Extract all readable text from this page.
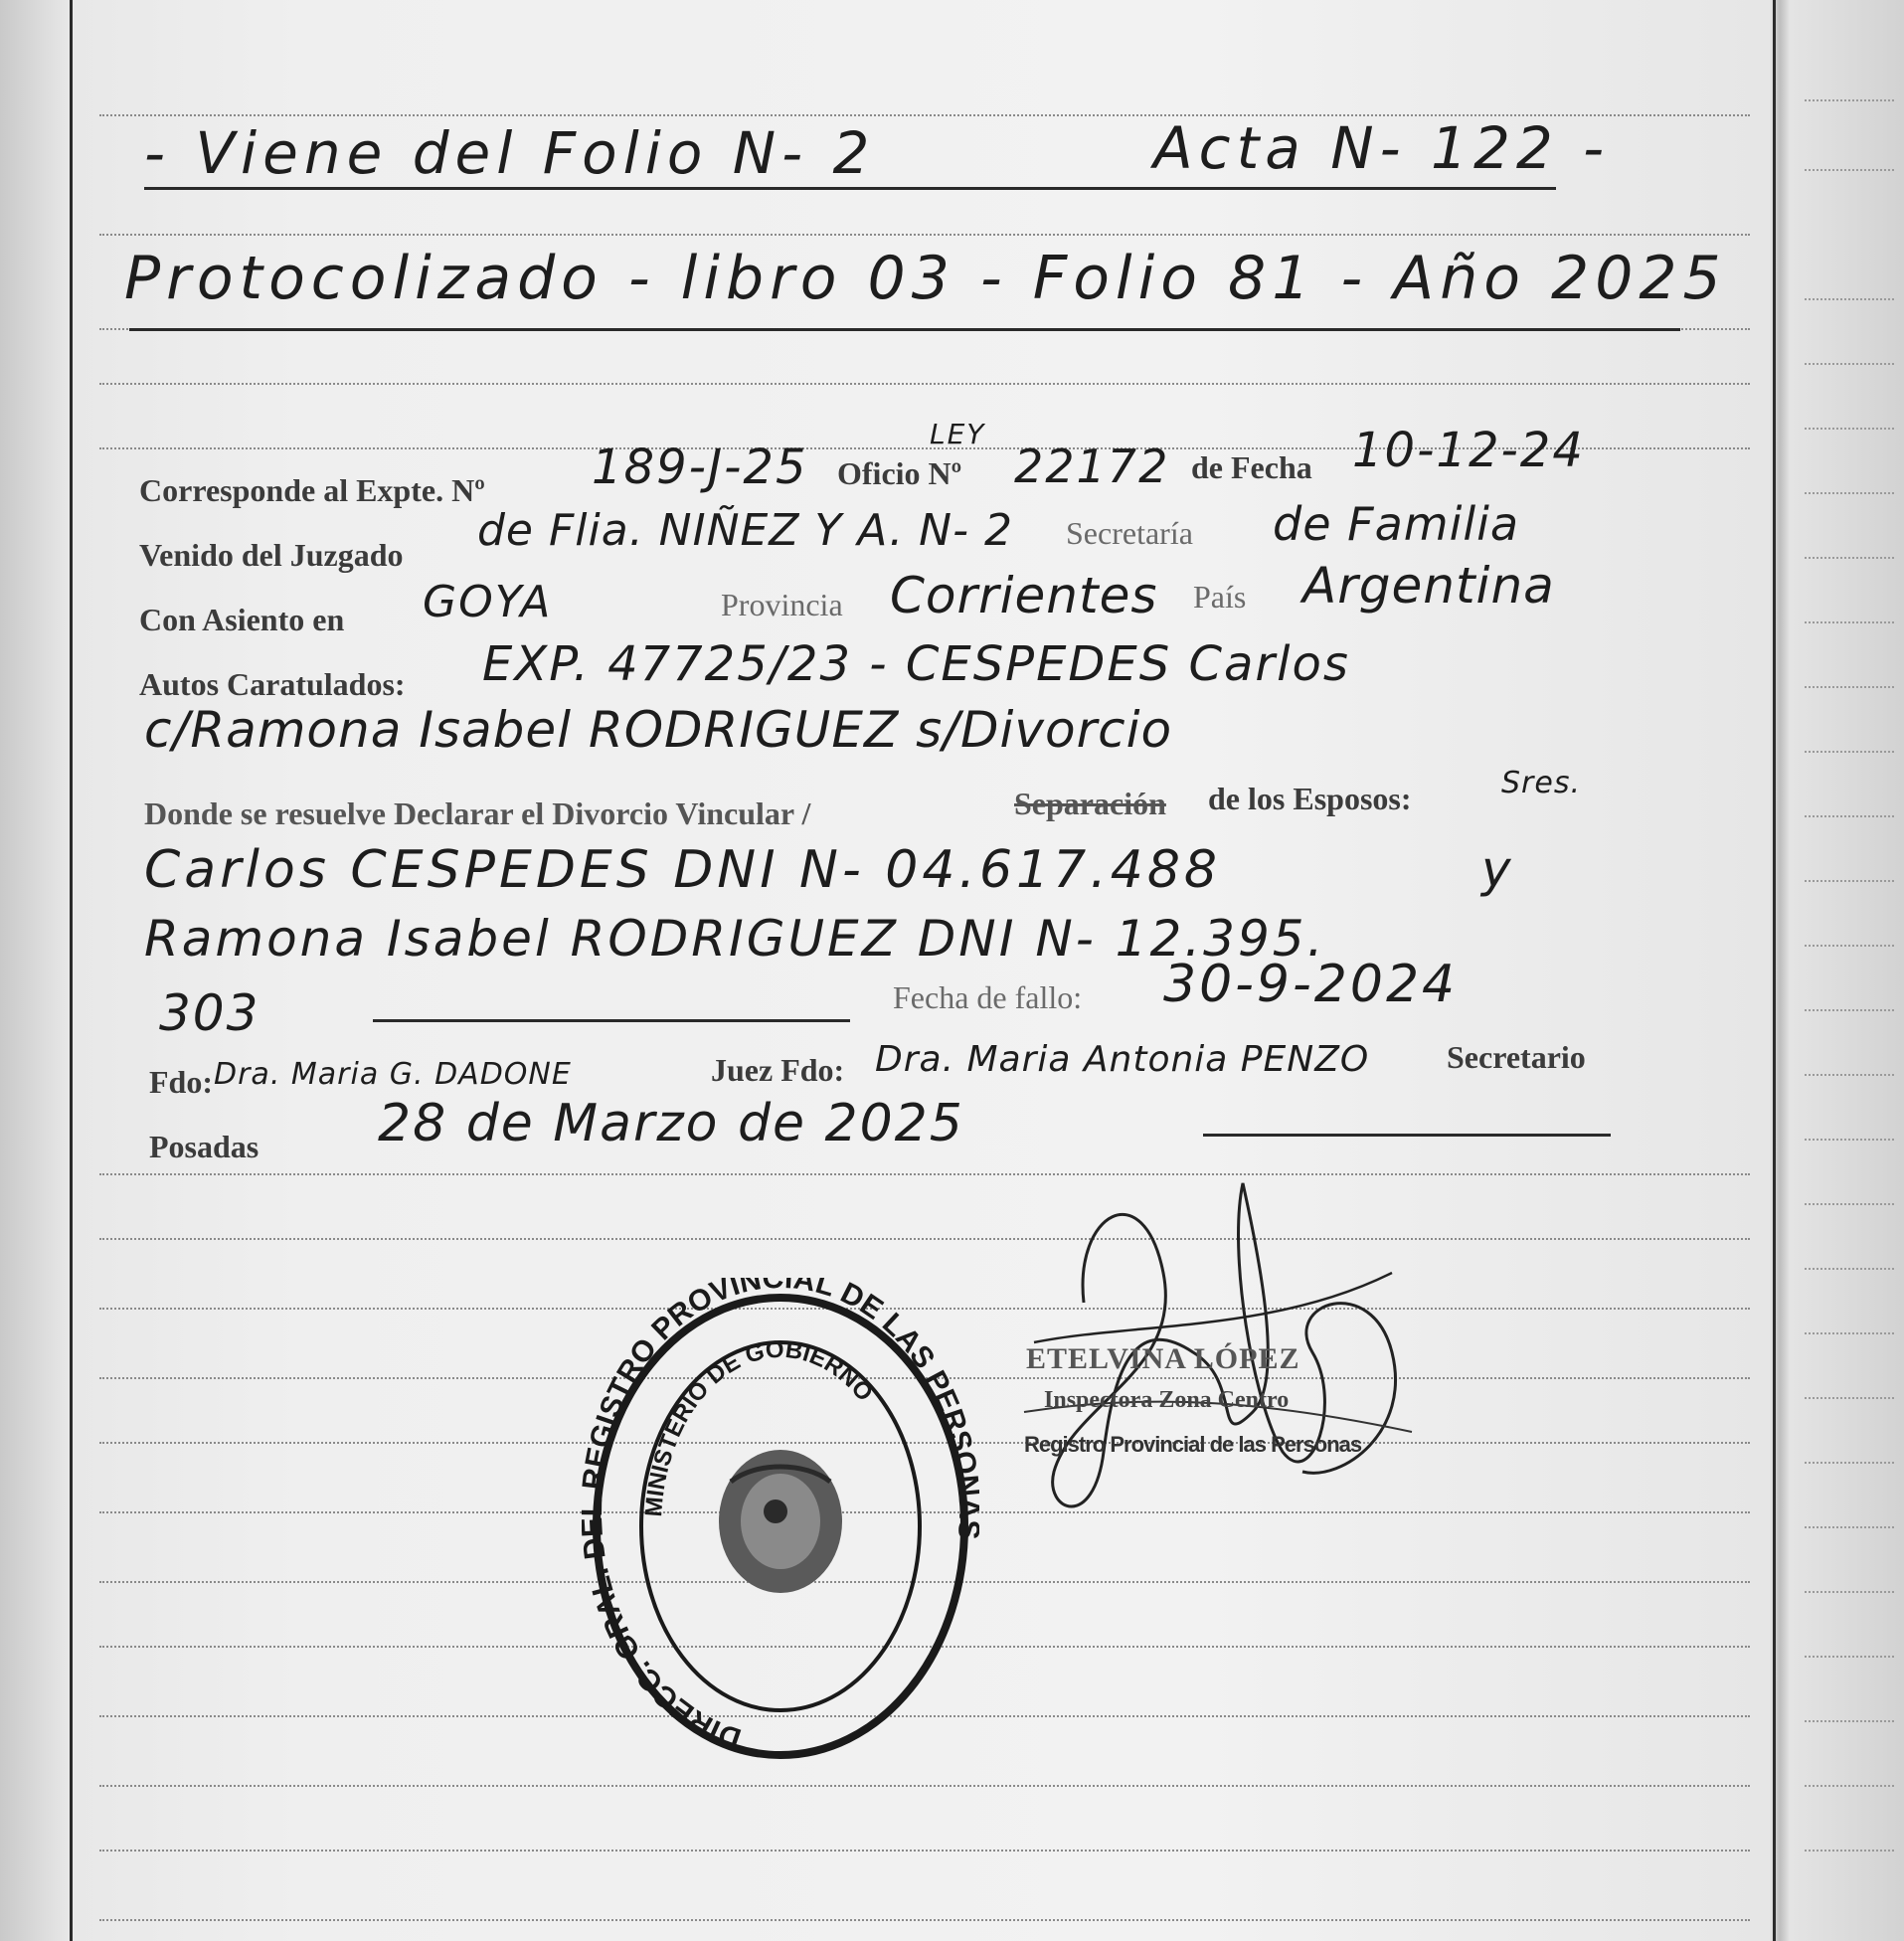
- Viene del Folio N- 2	Acta N- 122 -
Protocolizado - libro 03 - Folio 81 - Año 2025
Corresponde al Expte. Nº 189-J-25 Oficio Nº
LEY
22172 de Fecha 10-12-24
Venido del Juzgado de Flia. NIÑEZ Y A. N- 2 Secretaría de Familia
Con Asiento en GOYA	Provincia Corrientes País Argentina
Autos Caratulados: EXP. 47725/23 - CESPEDES Carlos
c/Ramona Isabel RODRIGUEZ s/Divorcio
Donde se resuelve Declarar el Divorcio Vincular /	Separación de los Esposos:	Sres.
Carlos CESPEDES DNI N- 04.617.488	y
Ramona Isabel RODRIGUEZ DNI N- 12.395.
303	Fecha de fallo: 30-9-2024
Fdo: Dra. Maria G. DADONE	Juez Fdo: Dra. Maria Antonia PENZO Secretario
Posadas 28 de Marzo de 2025
ETELVINA LÓPEZ
Inspectora Zona Centro
Registro Provincial de las Personas
DIRECC. GRAL. EGISTRO PROVINCIAL DE LAS PERSO
MINISTERIO DE GOBIERNO
